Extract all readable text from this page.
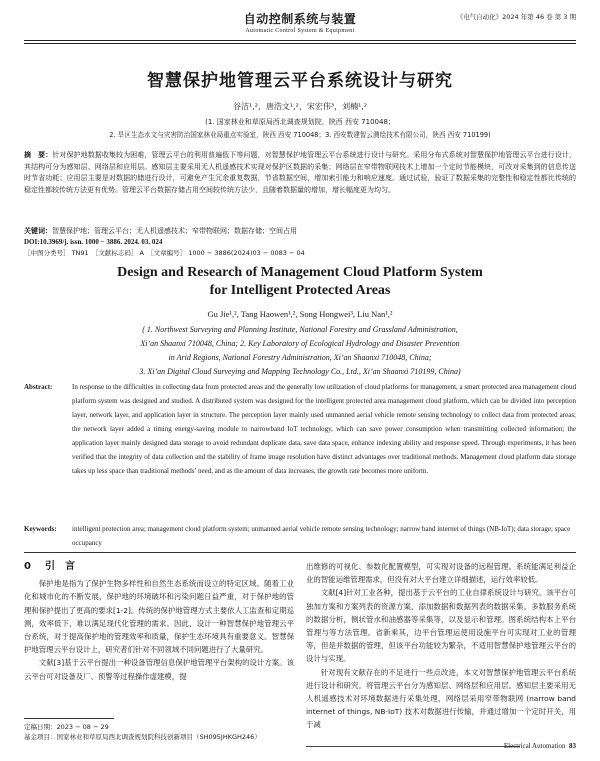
自动控制系统与装置
Automatic Control System & Equipment
《电气自动化》2024 年第 46 卷 第 3 期
智慧保护地管理云平台系统设计与研究
谷洁¹,²，唐浩文¹,²，宋宏伟³，刘楠¹,²
(1. 国家林业和草原局西北调查规划院，陕西 西安 710048；
2. 旱区生态水文与灾害防治国家林业局重点实验室，陕西 西安 710048；3. 西安数建智云测绘技术有限公司，陕西 西安 710199)
摘　要：针对保护地数据收集较为困难，管理云平台的利用普遍低下等问题，对智慧保护地管理云平台系统进行设计与研究。采用分布式系统对智慧保护地管理云平台进行设计，其结构可分为感知层、网络层和应用层。感知层主要采用无人机遥感技术实现对保护区数据的采集；网络层在窄带物联网技术上增加一个定时节能模块，可改对采集到的信息传送时节省功耗；应用层主要是对数据的储进行设计，可避免产生冗余重复数据，节省数据空间，增加索引能力和响应速度。通过试验，验证了数据采集的完整性和稳定性都比传统的稳定性都较传统方法更有优势。管理云平台数据存储占用空间较传统方法少，且随着数据量的增加，增长幅度更为均匀。
关键词：智慧保护地；管理云平台；无人机遥感技术；窄带物联网；数据存储；空间占用
DOI:10.3969/j. issn. 1000 − 3886. 2024. 03. 024
［中图分类号］ TN91　［文献标志码］ A　［文章编号］ 1000 − 3886(2024)03 − 0083 − 04
Design and Research of Management Cloud Platform System
for Intelligent Protected Areas
Gu Jie¹,², Tang Haowen¹,², Song Hongwei³, Liu Nan¹,²
( 1. Northwest Surveying and Planning Institute, National Forestry and Grassland Administration,
Xi’an Shaanxi 710048, China; 2. Key Laboratory of Ecological Hydrology and Disaster Prevention
in Arid Regions, National Forestry Administration, Xi’an Shaanxi 710048, China;
3. Xi’an Digital Cloud Surveying and Mapping Technology Co., Ltd., Xi’an Shaanxi 710199, China)
Abstract:	In response to the difficulties in collecting data from protected areas and the generally low utilization of cloud platforms for management, a smart protected area management cloud platform system was designed and studied. A distributed system was designed for the intelligent protected area management cloud platform, which can be divided into perception layer, network layer, and application layer in structure. The perception layer mainly used unmanned aerial vehicle remote sensing technology to collect data from protected areas; the network layer added a timing energy-saving module to narrowband IoT technology, which can save power consumption when transmitting collected information; the application layer mainly designed data storage to avoid redundant duplicate data, save data space, enhance indexing ability and response speed. Through experiments, it has been verified that the integrity of data collection and the stability of frame image resolution have distinct advantages over traditional methods. Management cloud platform data storage takes up less space than traditional methods’ need, and as the amount of data increases, the growth rate becomes more uniform.
Keywords: intelligent protection area; management cloud platform system; unmanned aerial vehicle remote sensing technology; narrow band internet of things (NB-IoT); data storage; space occupancy

0 引　言

保护地是指为了保护生物多样性和自然生态系统而设立的特定区域。随着工业化和城市化的不断发展，保护地的环境破坏和污染问题日益严重，对于保护地的管理和保护提出了更高的要求[1-2]。传统的保护地管理方式主要依人工监查和定期巡测，效率低下，难以满足现代化管理的需求。因此，设计一种智慧保护地管理云平台系统，对于提高保护地的管理效率和质量，保护生态环境具有重要意义。智慧保护地管理云平台设计上，研究者们针对不同领域不同问题进行了大量研究。

文献[3]基于云平台提出一种设备管理信息保护地管理平台架构的设计方案。该云平台可对设备及厂、预警等过程操作虚建模，提

出维修的可视化、参数化配置模型，可实现对设备的远程管理。系统能满足利益企业的智能运维管理需求，但没有对大平台建立详细描述，运行效率较低。

文献[4]针对工业各种，提出基于云平台的工业自律系统设计与研究。该平台可独加方案和方案列表的资源方案，添加数据和数据列表的数据采集。多数服务系统的数据分析，侧状管水和油感器等采集等，以及显示和管理。图系统结构本上平台管理与等方法管理。省新乘其，边平台管理运使用设施平台可实现对工业的管理等，但是并数据的管理，但该平台功能较为繁杂，不适用智慧保护地管理云平台的设计与实现。

针对现有文献存在的不足进行一些点改进，本文对智慧保护地管理云平台系统进行设计和研究。将管理云平台分为感知层、网络层和应用层。感知层主要采用无人机遥感技术对环境数据进行采集处理，网络层采用窄带物联网 (narrow band internet of things, NB-IoT) 技术对数据进行传输，并通过增加一个定时开关，用于减

定稿日期：2023 − 08 − 29
基金项目：国家林业和草原局西北调查规划院科技创新项目（SH095JHKGH246）
Electrical Automation 83
